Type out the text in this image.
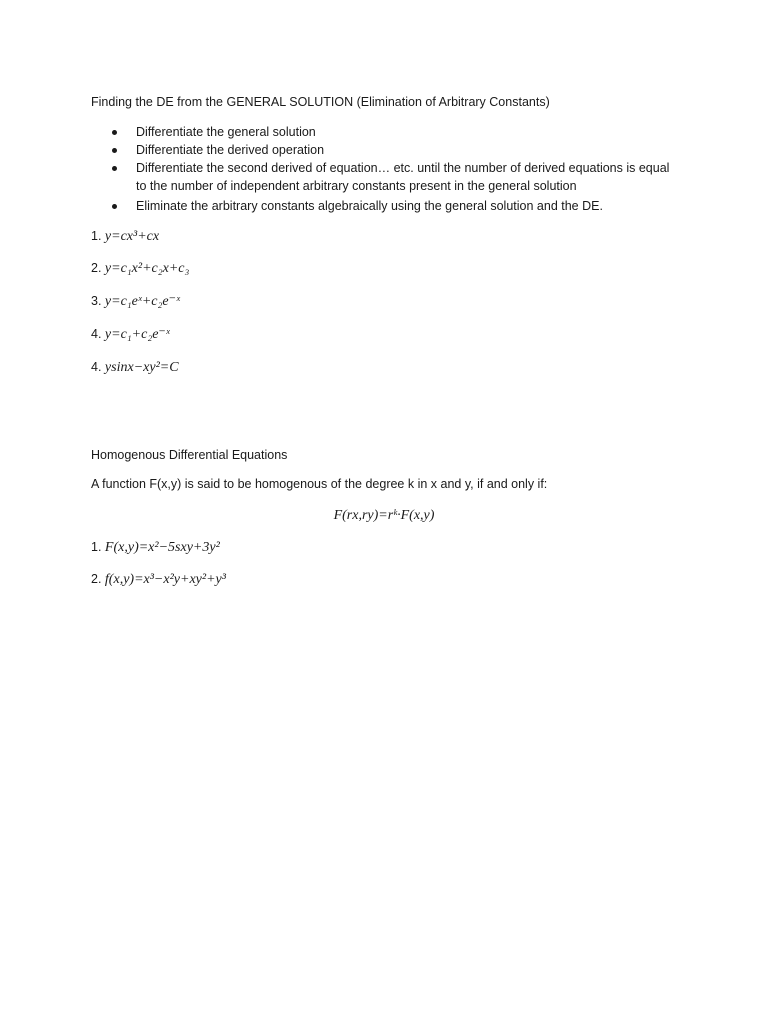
Finding the DE from the GENERAL SOLUTION (Elimination of Arbitrary Constants)
Differentiate the general solution
Differentiate the derived operation
Differentiate the second derived of equation… etc. until the number of derived equations is equal to the number of independent arbitrary constants present in the general solution
Eliminate the arbitrary constants algebraically using the general solution and the DE.
1. y=cx³+cx
2. y=c₁x²+c₂x+c₃
3. y=c₁eˣ+c₂e⁻ˣ
4. y=c₁+c₂e⁻ˣ
4. ysinx−xy²=C
Homogenous Differential Equations
A function F(x,y) is said to be homogenous of the degree k in x and y, if and only if:
F(rx,ry)=rᵏ·F(x,y)
1. F(x,y)=x²−5sxy+3y²
2. f(x,y)=x³−x²y+xy²+y³
